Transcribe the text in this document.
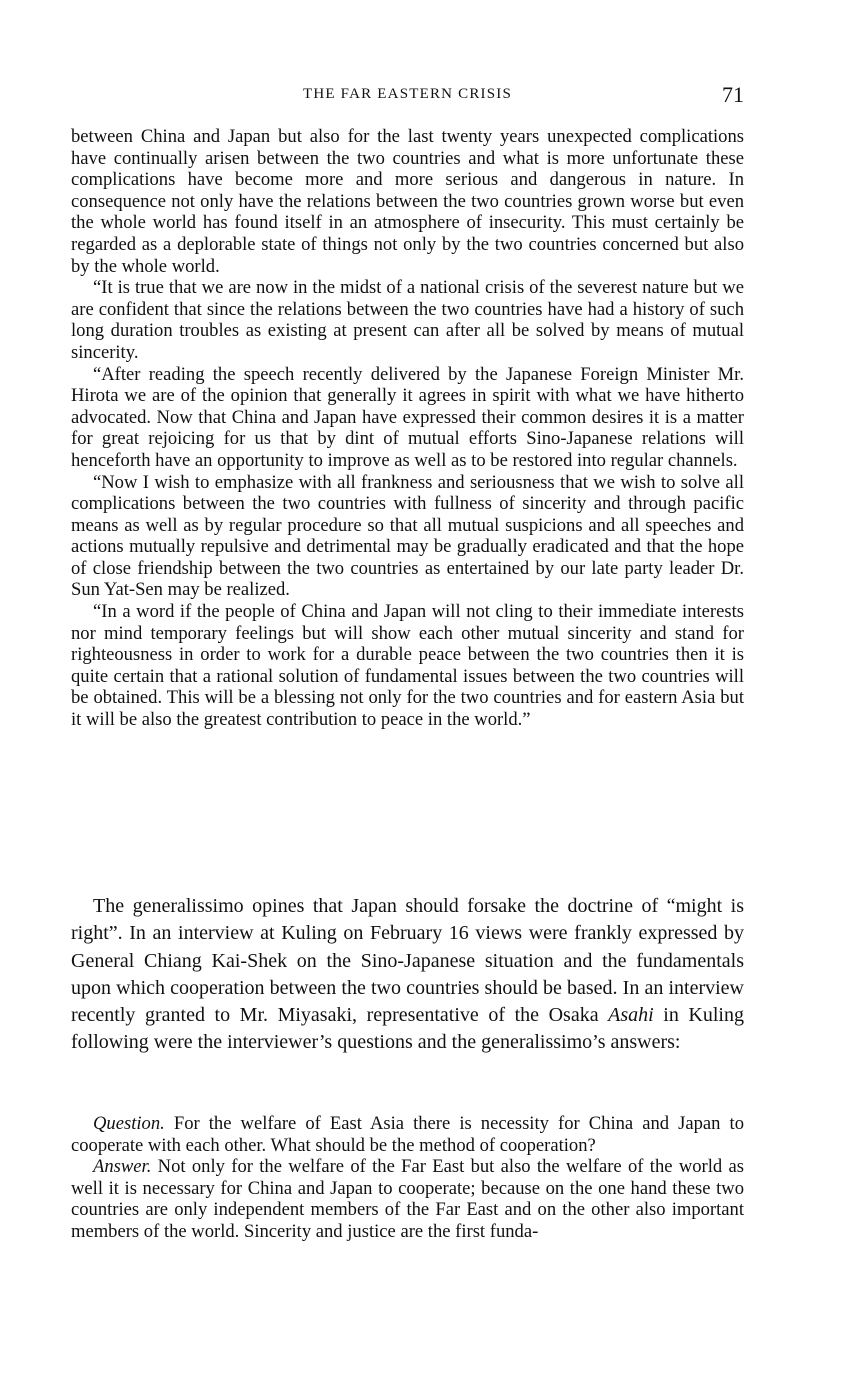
THE FAR EASTERN CRISIS	71

between China and Japan but also for the last twenty years unexpected complications have continually arisen between the two countries and what is more unfortunate these complications have become more and more serious and dangerous in nature. In consequence not only have the relations between the two countries grown worse but even the whole world has found itself in an atmosphere of insecurity. This must certainly be regarded as a deplorable state of things not only by the two countries concerned but also by the whole world.

“It is true that we are now in the midst of a national crisis of the severest nature but we are confident that since the relations between the two countries have had a history of such long duration troubles as existing at present can after all be solved by means of mutual sincerity.

“After reading the speech recently delivered by the Japanese Foreign Minister Mr. Hirota we are of the opinion that generally it agrees in spirit with what we have hitherto advocated. Now that China and Japan have expressed their common desires it is a matter for great rejoicing for us that by dint of mutual efforts Sino-Japanese relations will henceforth have an opportunity to improve as well as to be restored into regular channels.

“Now I wish to emphasize with all frankness and seriousness that we wish to solve all complications between the two countries with fullness of sincerity and through pacific means as well as by regular procedure so that all mutual suspicions and all speeches and actions mutually repulsive and detrimental may be gradually eradicated and that the hope of close friendship between the two countries as entertained by our late party leader Dr. Sun Yat-Sen may be realized.

“In a word if the people of China and Japan will not cling to their immediate interests nor mind temporary feelings but will show each other mutual sincerity and stand for righteousness in order to work for a durable peace between the two countries then it is quite certain that a rational solution of fundamental issues between the two countries will be obtained. This will be a blessing not only for the two countries and for eastern Asia but it will be also the greatest contribution to peace in the world.”

The generalissimo opines that Japan should forsake the doctrine of “might is right”. In an interview at Kuling on February 16 views were frankly expressed by General Chiang Kai-Shek on the Sino-Japanese situation and the fundamentals upon which cooperation between the two countries should be based. In an interview recently granted to Mr. Miyasaki, representative of the Osaka Asahi in Kuling following were the interviewer’s questions and the generalissimo’s answers:

Question. For the welfare of East Asia there is necessity for China and Japan to cooperate with each other. What should be the method of cooperation?

Answer. Not only for the welfare of the Far East but also the welfare of the world as well it is necessary for China and Japan to cooperate; because on the one hand these two countries are only independent members of the Far East and on the other also important members of the world. Sincerity and justice are the first funda-
